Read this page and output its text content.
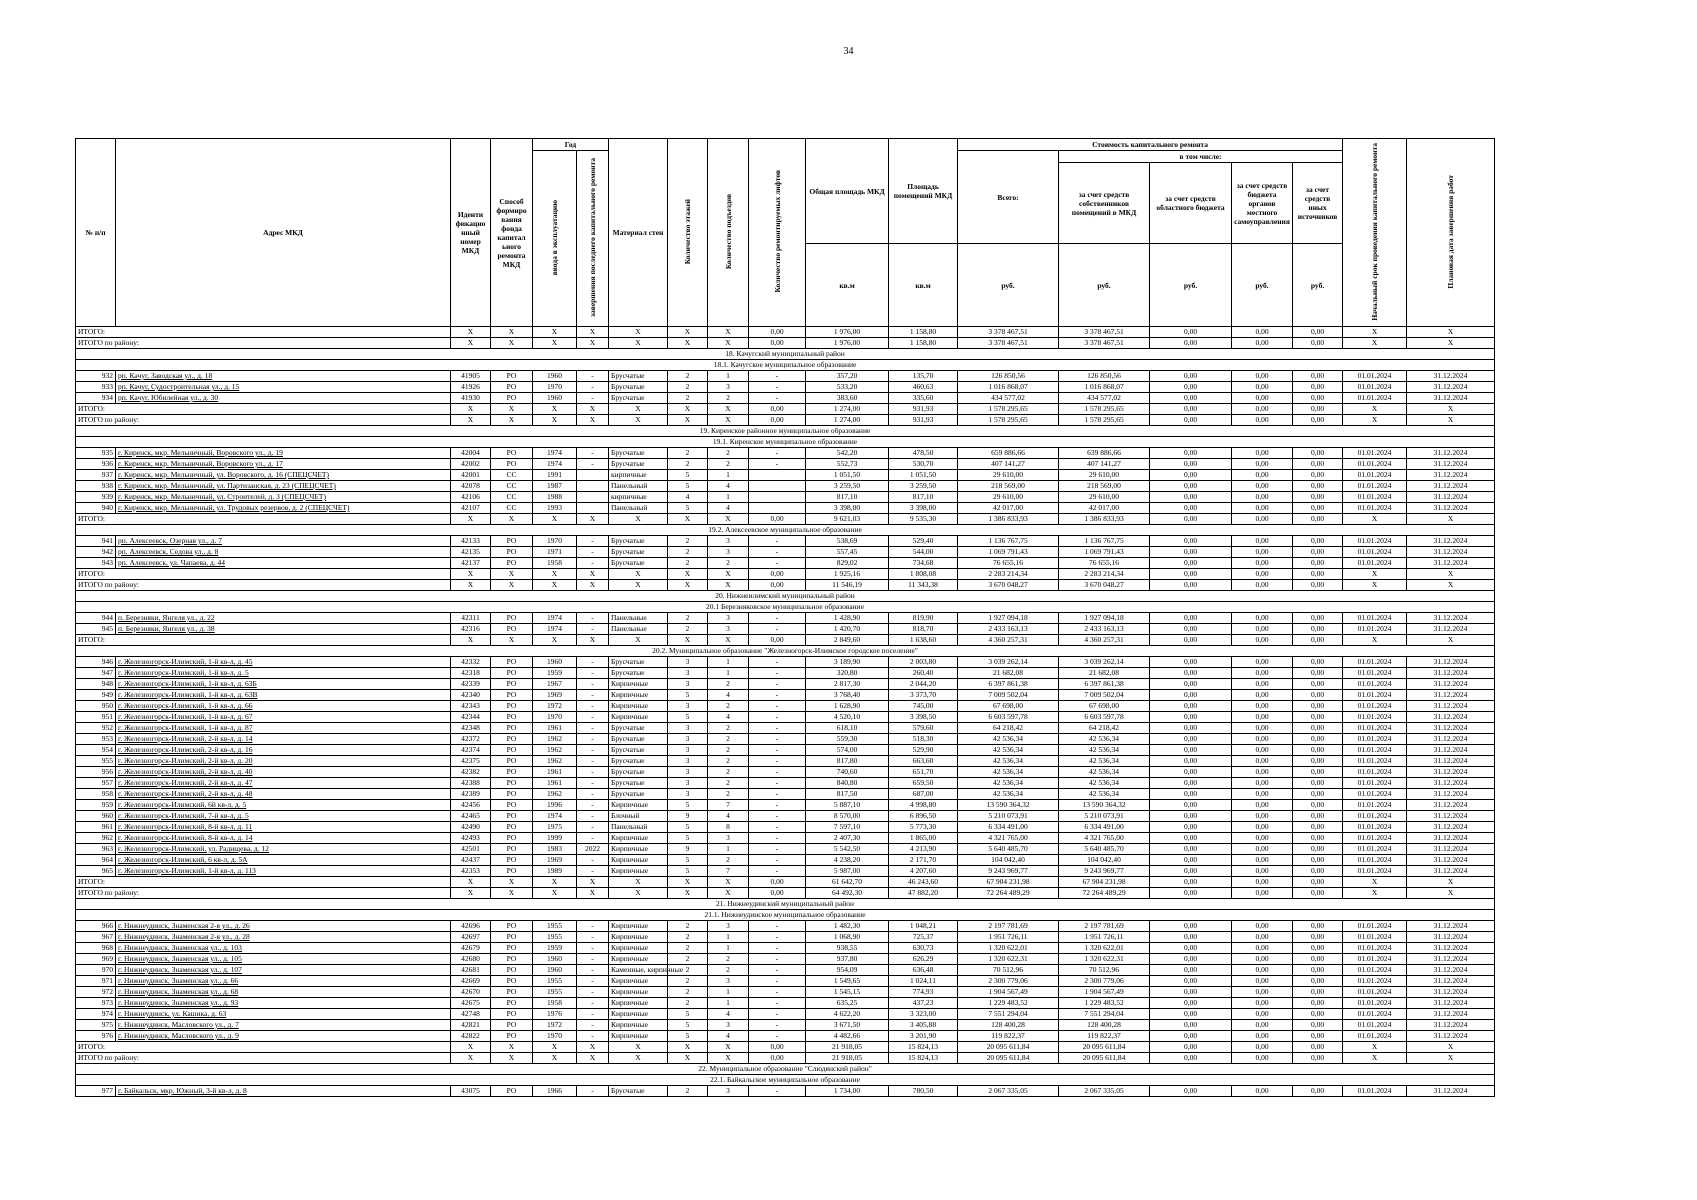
34
№ п/п	Адрес МКД	Иденти фикацио нный номер МКД	Способ формиро вания фонда капитал ьного ремонта МКД	Год		Материал стен	Количество этажей	Количество подъездов	Количество ремонтируемых лифтов	Общая площадь МКД	Площадь помещений МКД	Стоимость капитального ремонта					Начальный срок проведения капитального ремонта	Плановая дата завершения работ
				ввода в эксплуатацию	завершения последнего капитального ремонта							Всего:	в том числе:					
													за счет средств собственников помещений в МКД	за счет средств областного бюджета	за счет средств бюджета органов местного самоуправления	за счет средств иных источников		
										кв.м	кв.м	руб.	руб.	руб.	руб.	руб.		
ИТОГО:		X	X	X	X	X	X	X	0,00	1 976,00	1 158,80	3 378 467,51	3 378 467,51	0,00	0,00	0,00	X	X
ИТОГО по району:		X	X	X	X	X	X	X	0,00	1 976,00	1 158,80	3 378 467,51	3 378 467,51	0,00	0,00	0,00	X	X
18. Качугский муниципальный район																		
18.1. Качугское муниципальное образование																		
932	рп. Качуг, Заводская ул., д. 18	41905	РО	1960	-	Брусчатые	2	1	-	357,20	135,70	126 850,56	126 850,56	0,00	0,00	0,00	01.01.2024	31.12.2024
933	рп. Качуг, Судостроительная ул., д. 15	41926	РО	1970	-	Брусчатые	2	3	-	533,20	460,63	1 016 868,07	1 016 868,07	0,00	0,00	0,00	01.01.2024	31.12.2024
934	рп. Качуг, Юбилейная ул., д. 30	41930	РО	1960	-	Брусчатые	2	2	-	383,60	335,60	434 577,02	434 577,02	0,00	0,00	0,00	01.01.2024	31.12.2024
ИТОГО:		X	X	X	X	X	X	X	0,00	1 274,00	931,93	1 578 295,65	1 578 295,65	0,00	0,00	0,00	X	X
ИТОГО по району:		X	X	X	X	X	X	X	0,00	1 274,00	931,93	1 578 295,65	1 578 295,65	0,00	0,00	0,00	X	X
19. Киренское районное муниципальное образование																		
19.1. Киренское муниципальное образование																		
935	г. Киренск, мкр. Мельничный, Воровского ул., д. 19	42004	РО	1974	-	Брусчатые	2	2	-	542,20	478,50	659 886,66	639 886,66	0,00	0,00	0,00	01.01.2024	31.12.2024
936	г. Киренск, мкр. Мельничный, Воровского ул., д. 17	42002	РО	1974	-	Брусчатые	2	2	-	552,73	530,70	407 141,27	407 141,27	0,00	0,00	0,00	01.01.2024	31.12.2024
937	г. Киренск, мкр. Мельничный, ул. Воровского, д. 16 (СПЕЦСЧЕТ)	42001	СС	1991		кирпичные	5	1		1 051,50	1 051,50	29 610,00	29 610,00	0,00	0,00	0,00	01.01.2024	31.12.2024
938	г. Киренск, мкр. Мельничный, ул. Партизанская, д. 23 (СПЕЦСЧЕТ)	42078	СС	1987		Панельный	5	4		3 259,50	3 259,50	218 569,00	218 569,00	0,00	0,00	0,00	01.01.2024	31.12.2024
939	г. Киренск, мкр. Мельничный, ул. Строителей, д. 3 (СПЕЦСЧЕТ)	42106	СС	1988		кирпичные	4	1		817,10	817,10	29 610,00	29 610,00	0,00	0,00	0,00	01.01.2024	31.12.2024
940	г. Киренск, мкр. Мельничный, ул. Трудовых резервов, д. 2 (СПЕЦСЧЕТ)	42107	СС	1993		Панельный	5	4		3 398,00	3 398,00	42 017,00	42 017,00	0,00	0,00	0,00	01.01.2024	31.12.2024
ИТОГО:		X	X	X	X	X	X	X	0,00	9 621,03	9 535,30	1 386 833,93	1 386 833,93	0,00	0,00	0,00	X	X
19.2. Алексеевское муниципальное образование																		
941	рп. Алексеевск, Озерная ул., д. 7	42133	РО	1970	-	Брусчатые	2	3	-	538,69	529,40	1 136 767,75	1 136 767,75	0,00	0,00	0,00	01.01.2024	31.12.2024
942	рп. Алексеевск, Седова ул., д. 8	42135	РО	1971	-	Брусчатые	2	3	-	557,45	544,00	1 069 791,43	1 069 791,43	0,00	0,00	0,00	01.01.2024	31.12.2024
943	рп. Алексеевск, ул. Чапаева, д. 44	42137	РО	1958	-	Брусчатые	2	2	-	829,02	734,68	76 655,16	76 655,16	0,00	0,00	0,00	01.01.2024	31.12.2024
ИТОГО:		X	X	X	X	X	X	X	0,00	1 925,16	1 808,08	2 283 214,34	2 283 214,34	0,00	0,00	0,00	X	X
ИТОГО по району:		X	X	X	X	X	X	X	0,00	11 546,19	11 343,38	3 670 048,27	3 670 048,27	0,00	0,00	0,00	X	X
20. Нижнеилимский муниципальный район																		
20.1 Березняковское муниципальное образование																		
944	п. Березняки, Янгеля ул., д. 22	42311	РО	1974	-	Панельные	2	3	-	1 428,90	819,90	1 927 094,18	1 927 094,18	0,00	0,00	0,00	01.01.2024	31.12.2024
945	п. Березняки, Янгеля ул., д. 38	42316	РО	1974	-	Панельные	2	3	-	1 420,70	818,70	2 433 163,13	2 433 163,13	0,00	0,00	0,00	01.01.2024	31.12.2024
ИТОГО:		X	X	X	X	X	X	X	0,00	2 849,60	1 638,60	4 360 257,31	4 360 257,31	0,00	0,00	0,00	X	X
20.2. Муниципальное образование "Железногорск-Илимское городское поселение"																		
946	г. Железногорск-Илимский, 1-й кв-л, д. 45	42332	РО	1960	-	Брусчатые	3	1	-	3 189,90	2 003,80	3 039 262,14	3 039 262,14	0,00	0,00	0,00	01.01.2024	31.12.2024
947	г. Железногорск-Илимский, 1-й кв-л, д. 5	42318	РО	1959	-	Брусчатые	3	1	-	320,80	260,40	21 682,08	21 682,08	0,00	0,00	0,00	01.01.2024	31.12.2024
948	г. Железногорск-Илимский, 1-й кв-л, д. 63Б	42339	РО	1967	-	Кирпичные	3	2	-	2 817,30	2 044,20	6 397 861,38	6 397 861,38	0,00	0,00	0,00	01.01.2024	31.12.2024
949	г. Железногорск-Илимский, 1-й кв-л, д. 63В	42340	РО	1969	-	Кирпичные	5	4	-	3 768,40	3 373,70	7 009 502,04	7 009 502,04	0,00	0,00	0,00	01.01.2024	31.12.2024
950	г. Железногорск-Илимский, 1-й кв-л, д. 66	42343	РО	1972	-	Кирпичные	3	2	-	1 628,90	745,00	67 698,00	67 698,00	0,00	0,00	0,00	01.01.2024	31.12.2024
951	г. Железногорск-Илимский, 1-й кв-л, д. 67	42344	РО	1970	-	Кирпичные	5	4	-	4 520,10	3 398,50	6 603 597,78	6 603 597,78	0,00	0,00	0,00	01.01.2024	31.12.2024
952	г. Железногорск-Илимский, 1-й кв-л, д. 87	42348	РО	1961	-	Брусчатые	3	2	-	618,10	579,60	64 218,42	64 218,42	0,00	0,00	0,00	01.01.2024	31.12.2024
953	г. Железногорск-Илимский, 2-й кв-л, д. 14	42372	РО	1962	-	Брусчатые	3	2	-	559,30	518,30	42 536,34	42 536,34	0,00	0,00	0,00	01.01.2024	31.12.2024
954	г. Железногорск-Илимский, 2-й кв-л, д. 16	42374	РО	1962	-	Брусчатые	3	2	-	574,00	529,90	42 536,34	42 536,34	0,00	0,00	0,00	01.01.2024	31.12.2024
955	г. Железногорск-Илимский, 2-й кв-л, д. 20	42375	РО	1962	-	Брусчатые	3	2	-	817,80	663,60	42 536,34	42 536,34	0,00	0,00	0,00	01.01.2024	31.12.2024
956	г. Железногорск-Илимский, 2-й кв-л, д. 40	42382	РО	1961	-	Брусчатые	3	2	-	740,60	651,70	42 536,34	42 536,34	0,00	0,00	0,00	01.01.2024	31.12.2024
957	г. Железногорск-Илимский, 2-й кв-л, д. 47	42388	РО	1961	-	Брусчатые	3	2	-	840,80	659,50	42 536,34	42 536,34	0,00	0,00	0,00	01.01.2024	31.12.2024
958	г. Железногорск-Илимский, 2-й кв-л, д. 48	42389	РО	1962	-	Брусчатые	3	2	-	817,50	687,00	42 536,34	42 536,34	0,00	0,00	0,00	01.01.2024	31.12.2024
959	г. Железногорск-Илимский, 6й кв-л, д. 5	42456	РО	1996	-	Кирпичные	5	7	-	5 887,10	4 998,80	13 590 364,32	13 590 364,32	0,00	0,00	0,00	01.01.2024	31.12.2024
960	г. Железногорск-Илимский, 7-й кв-л, д. 5	42465	РО	1974	-	Блочный	9	4	-	8 570,00	6 896,50	5 210 073,91	5 210 073,91	0,00	0,00	0,00	01.01.2024	31.12.2024
961	г. Железногорск-Илимский, 8-й кв-л, д. 11	42490	РО	1975	-	Панельный	5	8	-	7 597,10	5 773,30	6 334 491,00	6 334 491,00	0,00	0,00	0,00	01.01.2024	31.12.2024
962	г. Железногорск-Илимский, 8-й кв-л, д. 14	42493	РО	1999	-	Кирпичные	5	3	-	2 407,30	1 865,00	4 321 765,00	4 321 765,00	0,00	0,00	0,00	01.01.2024	31.12.2024
963	г. Железногорск-Илимский, ул. Радищева, д. 12	42501	РО	1983	2022	Кирпичные	9	1	-	5 542,50	4 213,90	5 640 485,70	5 640 485,70	0,00	0,00	0,00	01.01.2024	31.12.2024
964	г. Железногорск-Илимский, 6 кв-л, д. 5А	42437	РО	1969	-	Кирпичные	5	2	-	4 238,20	2 171,70	104 042,40	104 042,40	0,00	0,00	0,00	01.01.2024	31.12.2024
965	г. Железногорск-Илимский, 1-й кв-л, д. 113	42353	РО	1989	-	Кирпичные	5	7	-	5 987,00	4 207,60	9 243 969,77	9 243 969,77	0,00	0,00	0,00	01.01.2024	31.12.2024
ИТОГО:		X	X	X	X	X	X	X	0,00	61 642,70	46 243,60	67 904 231,98	67 904 231,98	0,00	0,00	0,00	X	X
ИТОГО по району:		X	X	X	X	X	X	X	0,00	64 492,30	47 882,20	72 264 489,29	72 264 489,29	0,00	0,00	0,00	X	X
21. Нижнеудинский муниципальный район																		
21.1. Нижнеудинское муниципальное образование																		
966	г. Нижнеудинск, Знаменская 2-я ул., д. 26	42696	РО	1955	-	Кирпичные	2	3	-	1 482,30	1 048,21	2 197 781,69	2 197 781,69	0,00	0,00	0,00	01.01.2024	31.12.2024
967	г. Нижнеудинск, Знаменская 2-я ул., д. 28	42697	РО	1955	-	Кирпичные	2	1	-	1 068,90	725,37	1 951 726,11	1 951 726,11	0,00	0,00	0,00	01.01.2024	31.12.2024
968	г. Нижнеудинск, Знаменская ул., д. 103	42679	РО	1959	-	Кирпичные	2	1	-	938,55	630,73	1 320 622,01	1 320 622,01	0,00	0,00	0,00	01.01.2024	31.12.2024
969	г. Нижнеудинск, Знаменская ул., д. 105	42680	РО	1960	-	Кирпичные	2	2	-	937,80	626,29	1 320 622,31	1 320 622,31	0,00	0,00	0,00	01.01.2024	31.12.2024
970	г. Нижнеудинск, Знаменская ул., д. 107	42681	РО	1960	-	Каменные, кирпичные	2	2	-	954,09	636,48	70 512,96	70 512,96	0,00	0,00	0,00	01.01.2024	31.12.2024
971	г. Нижнеудинск, Знаменская ул., д. 66	42669	РО	1955	-	Кирпичные	2	3	-	1 549,65	1 024,11	2 300 779,06	2 300 779,06	0,00	0,00	0,00	01.01.2024	31.12.2024
972	г. Нижнеудинск, Знаменская ул., д. 68	42670	РО	1955	-	Кирпичные	2	1	-	1 545,15	774,93	1 904 567,49	1 904 567,49	0,00	0,00	0,00	01.01.2024	31.12.2024
973	г. Нижнеудинск, Знаменская ул., д. 93	42675	РО	1958	-	Кирпичные	2	1	-	635,25	437,23	1 229 483,52	1 229 483,52	0,00	0,00	0,00	01.01.2024	31.12.2024
974	г. Нижнеудинск, ул. Кашика, д. 63	42748	РО	1976	-	Кирпичные	5	4	-	4 622,20	3 323,00	7 551 294,04	7 551 294,04	0,00	0,00	0,00	01.01.2024	31.12.2024
975	г. Нижнеудинск, Масловского ул., д. 7	42821	РО	1972	-	Кирпичные	5	3	-	3 671,50	3 405,88	128 400,28	128 400,28	0,00	0,00	0,00	01.01.2024	31.12.2024
976	г. Нижнеудинск, Масловского ул., д. 9	42822	РО	1970	-	Кирпичные	5	4	-	4 482,66	3 201,90	119 822,37	119 822,37	0,00	0,00	0,00	01.01.2024	31.12.2024
ИТОГО:		X	X	X	X	X	X	X	0,00	21 918,05	15 824,13	20 095 611,84	20 095 611,84	0,00	0,00	0,00	X	X
ИТОГО по району:		X	X	X	X	X	X	X	0,00	21 918,05	15 824,13	20 095 611,84	20 095 611,84	0,00	0,00	0,00	X	X
22. Муниципальное образование "Слюдянский район"																		
22.1. Байкальское муниципальное образование																		
977	г. Байкальск, мкр. Южный, 3-й кв-л, д. 8	43075	РО	1966	-	Брусчатые	2	3	-	1 734,00	780,50	2 067 335,05	2 067 335,05	0,00	0,00	0,00	01.01.2024	31.12.2024
